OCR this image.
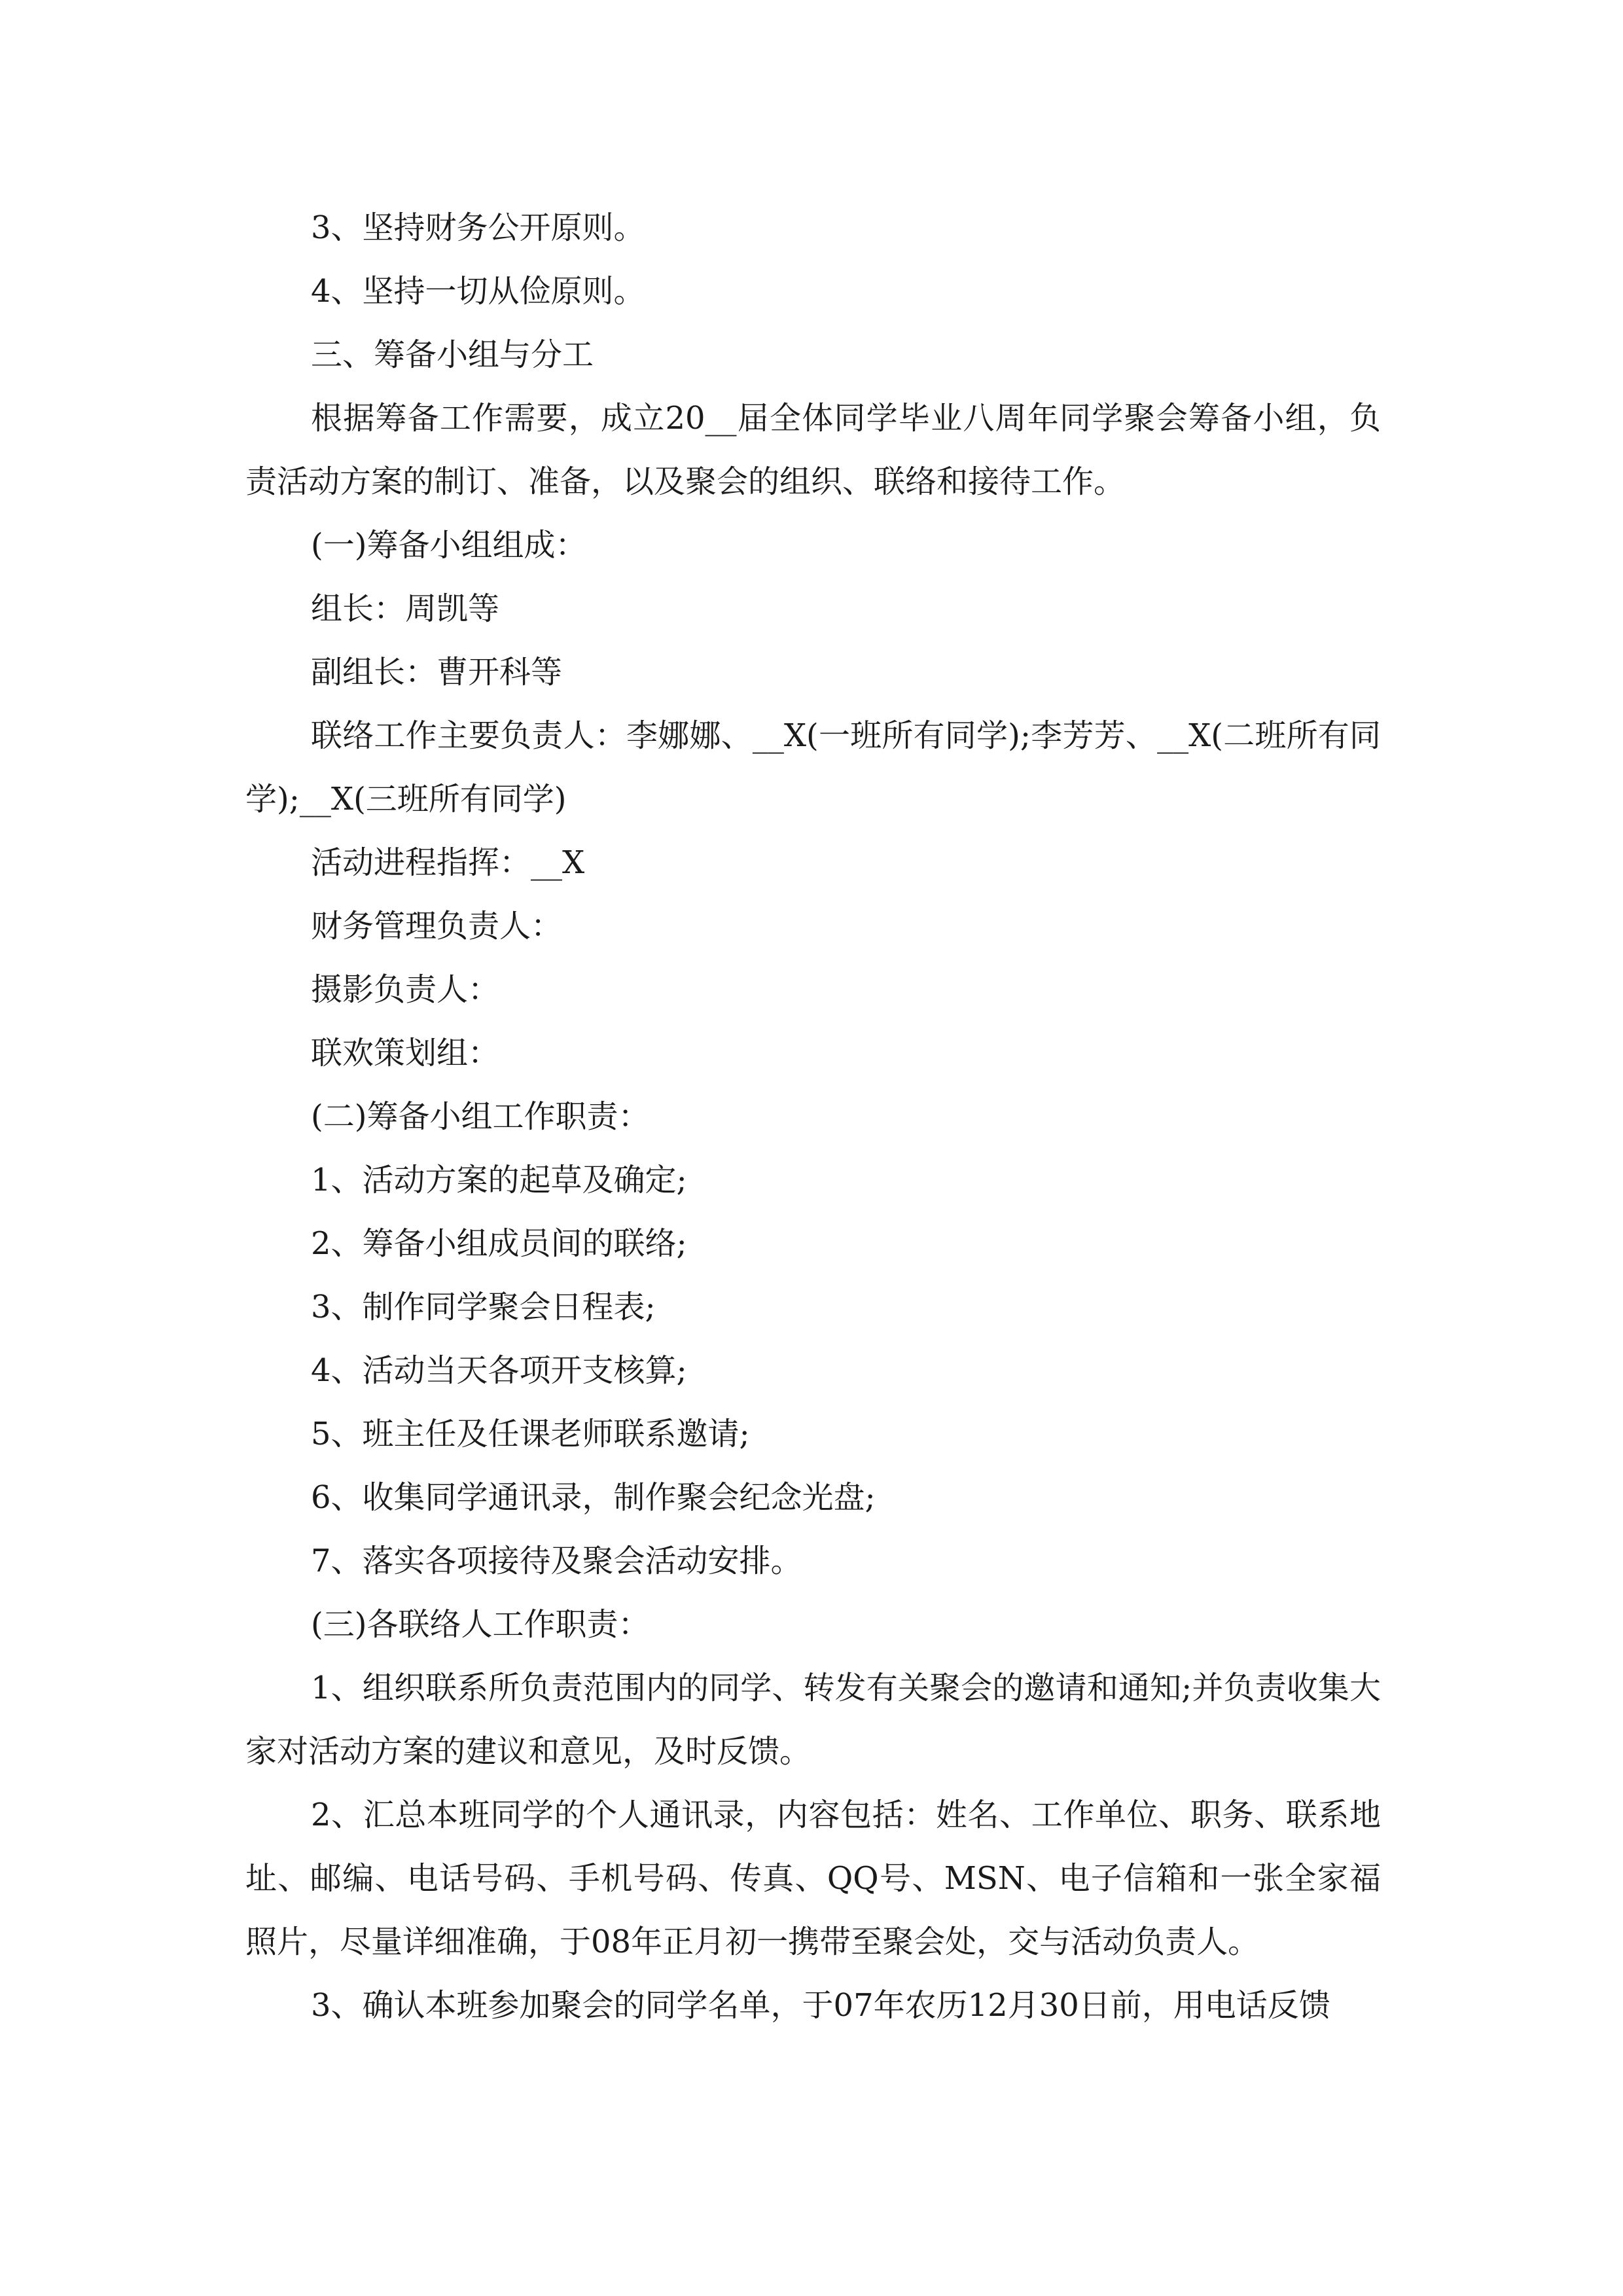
3、坚持财务公开原则。

4、坚持一切从俭原则。

三、筹备小组与分工

根据筹备工作需要，成立20__届全体同学毕业八周年同学聚会筹备小组，负责活动方案的制订、准备，以及聚会的组织、联络和接待工作。

(一)筹备小组组成：

组长：周凯等

副组长：曹开科等

联络工作主要负责人：李娜娜、__X(一班所有同学);李芳芳、__X(二班所有同学);__X(三班所有同学)

活动进程指挥：__X

财务管理负责人：

摄影负责人：

联欢策划组：

(二)筹备小组工作职责：

1、活动方案的起草及确定;

2、筹备小组成员间的联络;

3、制作同学聚会日程表;

4、活动当天各项开支核算;

5、班主任及任课老师联系邀请;

6、收集同学通讯录，制作聚会纪念光盘;

7、落实各项接待及聚会活动安排。

(三)各联络人工作职责：

1、组织联系所负责范围内的同学、转发有关聚会的邀请和通知;并负责收集大家对活动方案的建议和意见，及时反馈。

2、汇总本班同学的个人通讯录，内容包括：姓名、工作单位、职务、联系地址、邮编、电话号码、手机号码、传真、QQ号、MSN、电子信箱和一张全家福照片，尽量详细准确，于08年正月初一携带至聚会处，交与活动负责人。

3、确认本班参加聚会的同学名单，于07年农历12月30日前，用电话反馈
